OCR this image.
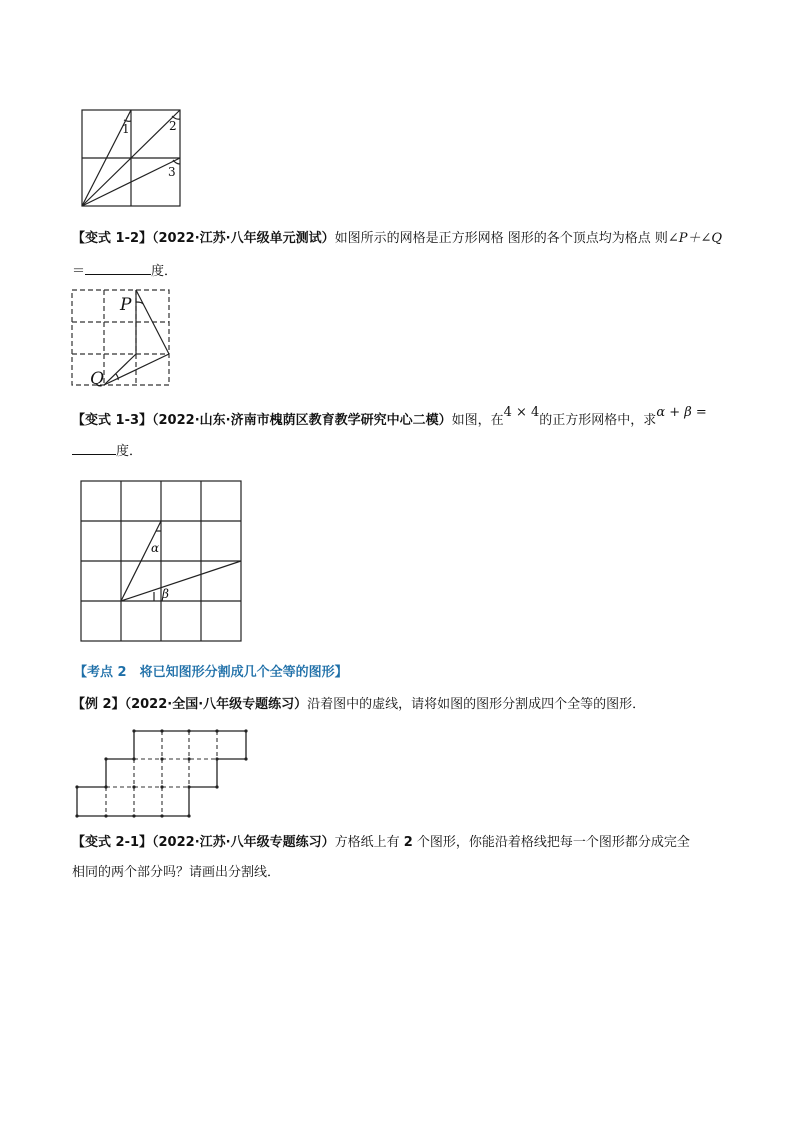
1	2
3
【变式 1-2】（2022·江苏·八年级单元测试）如图所示的网格是正方形网格 图形的各个顶点均为格点 则∠P＋∠Q
＝	度．
P
Q
【变式 1-3】（2022·山东·济南市槐荫区教育教学研究中心二模）如图，在4 × 4的正方形网格中，求α + β =
度．
α
β
【考点 2　将已知图形分割成几个全等的图形】
【例 2】（2022·全国·八年级专题练习）沿着图中的虚线，请将如图的图形分割成四个全等的图形．
【变式 2-1】（2022·江苏·八年级专题练习）方格纸上有 2 个图形，你能沿着格线把每一个图形都分成完全
相同的两个部分吗？请画出分割线．
